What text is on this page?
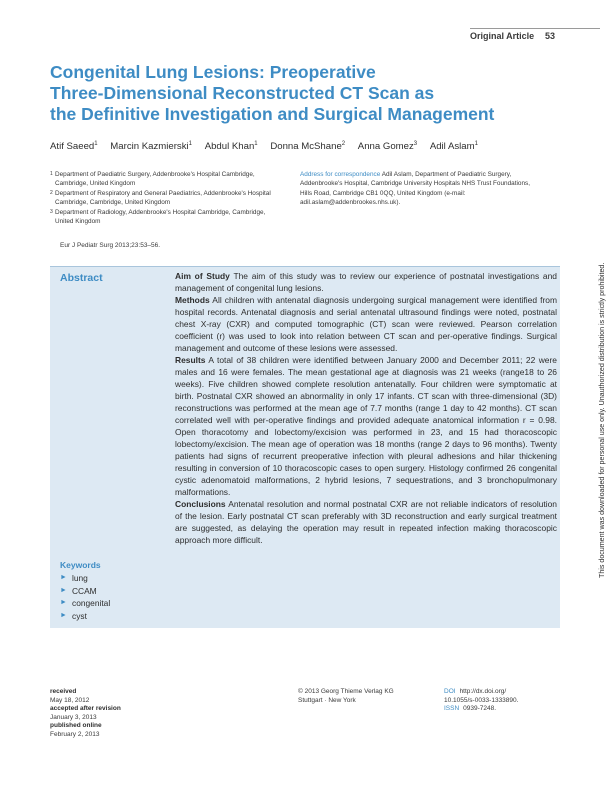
Original Article 53
Congenital Lung Lesions: Preoperative
Three-Dimensional Reconstructed CT Scan as
the Definitive Investigation and Surgical Management
Atif Saeed$^1$ Marcin Kazmierski$^1$ Abdul Khan$^1$ Donna McShane$^2$ Anna Gomez$^3$ Adil Aslam$^1$
1 Department of Paediatric Surgery, Addenbrooke's Hospital Cambridge, Cambridge, United Kingdom
2 Department of Respiratory and General Paediatrics, Addenbrooke's Hospital Cambridge, Cambridge, United Kingdom
3 Department of Radiology, Addenbrooke's Hospital Cambridge, Cambridge, United Kingdom
Address for correspondence Adil Aslam, Department of Paediatric Surgery, Addenbrooke's Hospital, Cambridge University Hospitals NHS Trust Foundations, Hills Road, Cambridge CB1 0QQ, United Kingdom (e-mail: adil.aslam@addenbrookes.nhs.uk).
Eur J Pediatr Surg 2013;23:53–56.
Abstract	Aim of Study The aim of this study was to review our experience of postnatal investigations and management of congenital lung lesions.

Methods All children with antenatal diagnosis undergoing surgical management were identified from hospital records. Antenatal diagnosis and serial antenatal ultrasound findings were noted, postnatal chest X-ray (CXR) and computed tomographic (CT) scan were reviewed. Pearson correlation coefficient (r) was used to look into relation between CT scan and per-operative findings. Surgical management and outcome of these lesions were assessed.

Results A total of 38 children were identified between January 2000 and December 2011; 22 were males and 16 were females. The mean gestational age at diagnosis was 21 weeks (range18 to 26 weeks). Five children showed complete resolution antenatally. Four children were symptomatic at birth. Postnatal CXR showed an abnormality in only 17 infants. CT scan with three-dimensional (3D) reconstructions was performed at the mean age of 7.7 months (range 1 day to 42 months). CT scan correlated well with per-operative findings and provided adequate anatomical information r = 0.98. Open thoracotomy and lobectomy/excision was performed in 23, and 15 had thoracoscopic lobectomy/excision. The mean age of operation was 18 months (range 2 days to 96 months). Twenty patients had signs of recurrent preoperative infection with pleural adhesions and hilar thickening resulting in conversion of 10 thoracoscopic cases to open surgery. Histology confirmed 26 congenital cystic adenomatoid malformations, 2 hybrid lesions, 7 sequestrations, and 3 bronchopulmonary malformations.

Conclusions Antenatal resolution and normal postnatal CXR are not reliable indicators of resolution of the lesion. Early postnatal CT scan preferably with 3D reconstruction and early surgical treatment are suggested, as delaying the operation may result in repeated infection making thoracoscopic approach more difficult.

Keywords
► lung
► CCAM
► congenital
► cyst
This document was downloaded for personal use only. Unauthorized distribution is strictly prohibited.
received
May 18, 2012
accepted after revision
January 3, 2013
published online
February 2, 2013
© 2013 Georg Thieme Verlag KG
Stuttgart · New York
DOI http://dx.doi.org/
10.1055/s-0033-1333890.
ISSN 0939-7248.
